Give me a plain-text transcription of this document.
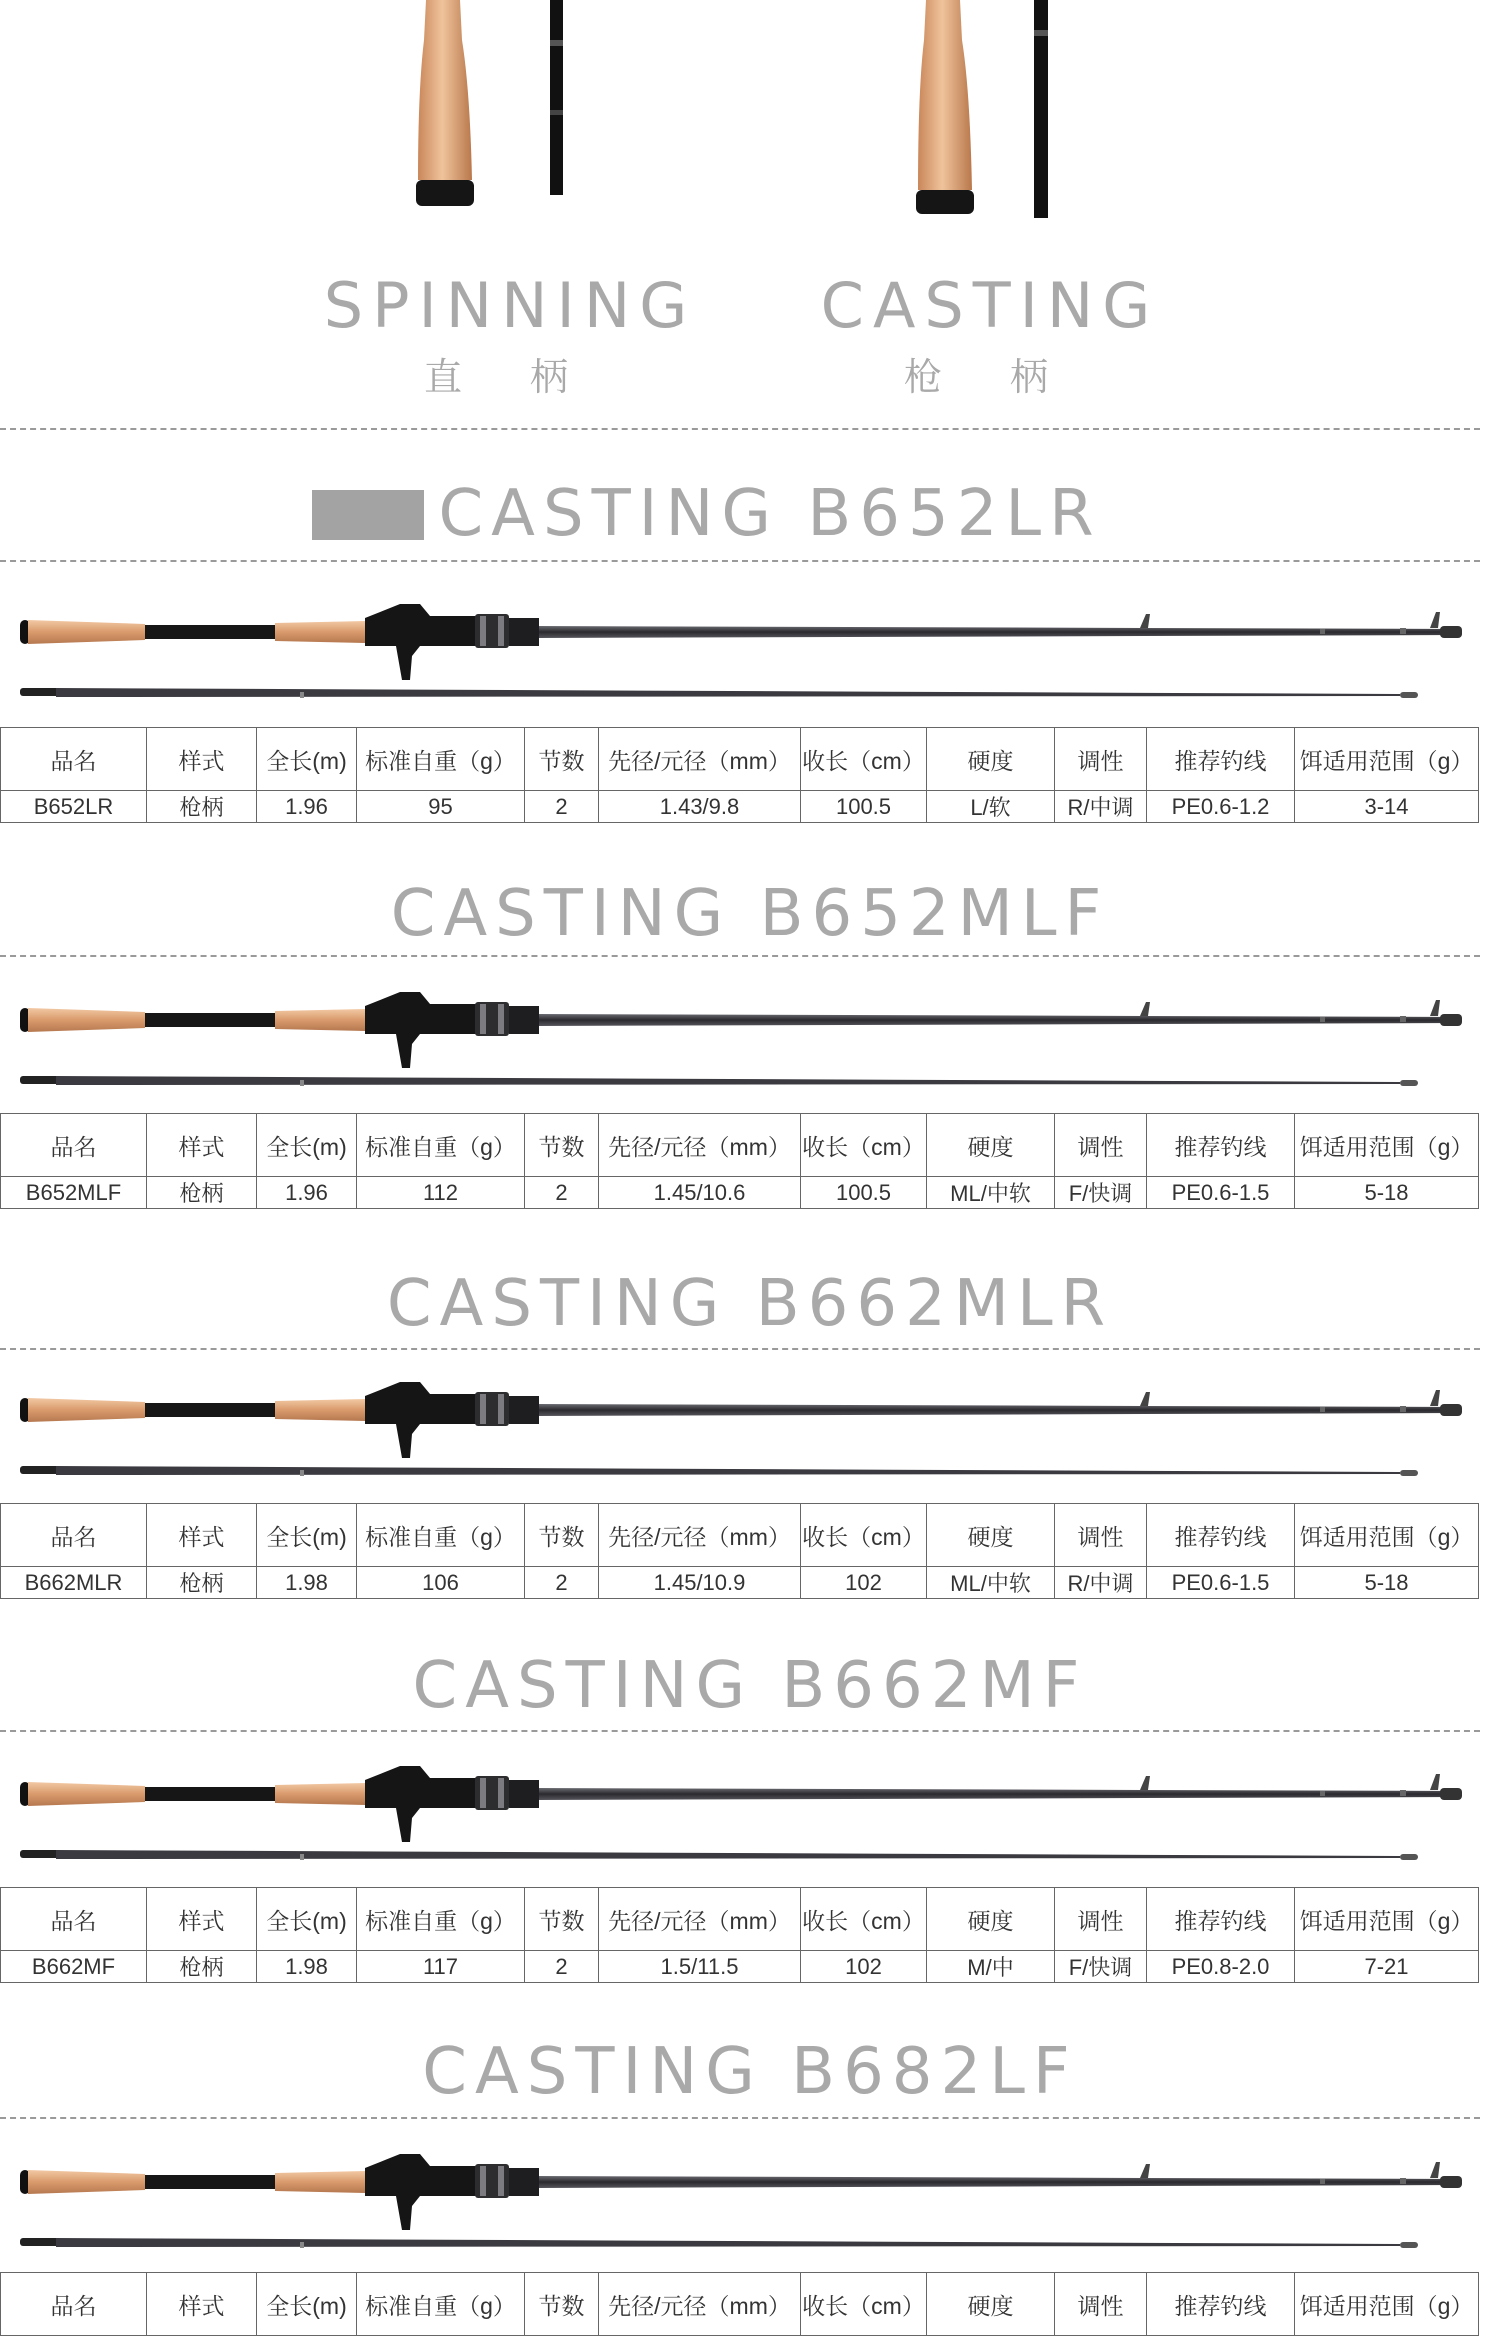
SPINNING
直 柄
CASTING
枪 柄
CASTING B652LR
品名	样式	全长(m)	标准自重（g）	节数	先径/元径（mm）	收长（cm）	硬度	调性	推荐钓线	饵适用范围（g）
B652LR	枪柄	1.96	95	2	1.43/9.8	100.5	L/软	R/中调	PE0.6-1.2	3-14
CASTING B652MLF
品名	样式	全长(m)	标准自重（g）	节数	先径/元径（mm）	收长（cm）	硬度	调性	推荐钓线	饵适用范围（g）
B652MLF	枪柄	1.96	112	2	1.45/10.6	100.5	ML/中软	F/快调	PE0.6-1.5	5-18
CASTING B662MLR
品名	样式	全长(m)	标准自重（g）	节数	先径/元径（mm）	收长（cm）	硬度	调性	推荐钓线	饵适用范围（g）
B662MLR	枪柄	1.98	106	2	1.45/10.9	102	ML/中软	R/中调	PE0.6-1.5	5-18
CASTING B662MF
品名	样式	全长(m)	标准自重（g）	节数	先径/元径（mm）	收长（cm）	硬度	调性	推荐钓线	饵适用范围（g）
B662MF	枪柄	1.98	117	2	1.5/11.5	102	M/中	F/快调	PE0.8-2.0	7-21
CASTING B682LF
品名	样式	全长(m)	标准自重（g）	节数	先径/元径（mm）	收长（cm）	硬度	调性	推荐钓线	饵适用范围（g）
